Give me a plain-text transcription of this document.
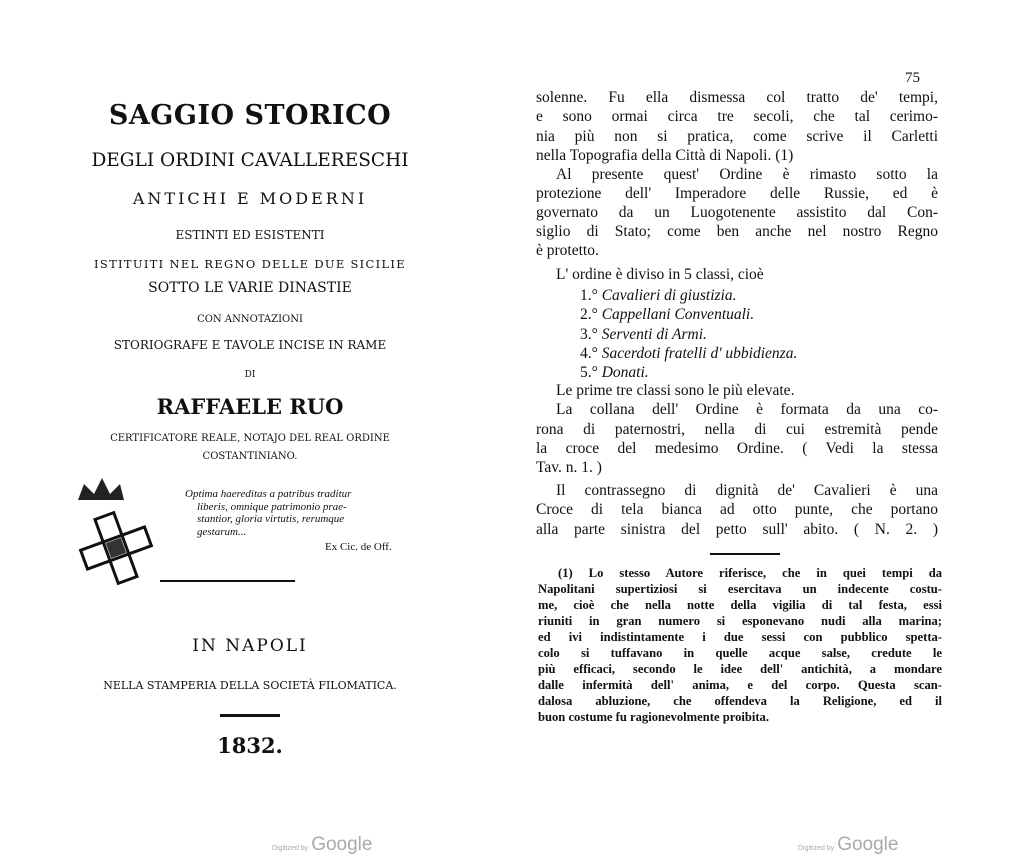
SAGGIO STORICO
DEGLI ORDINI CAVALLERESCHI
ANTICHI E MODERNI
ESTINTI ED ESISTENTI
ISTITUITI NEL REGNO DELLE DUE SICILIE
SOTTO LE VARIE DINASTIE
CON ANNOTAZIONI
STORIOGRAFE E TAVOLE INCISE IN RAME
DI
RAFFAELE RUO
CERTIFICATORE REALE, NOTAJO DEL REAL ORDINE
COSTANTINIANO.
Optima haereditas a patribus traditur
liberis, omnique patrimonio prae-
stantior, gloria virtutis, rerumque
gestarum...
Ex Cic. de Off.
IN NAPOLI
NELLA STAMPERIA DELLA SOCIETÀ FILOMATICA.
1832.
75
solenne. Fu ella dismessa col tratto de' tempi,
e sono ormai circa tre secoli, che tal cerimo-
nia più non si pratica, come scrive il Carletti
nella Topografia della Città di Napoli. (1)
Al presente quest' Ordine è rimasto sotto la
protezione dell' Imperadore delle Russie, ed è
governato da un Luogotenente assistito dal Con-
siglio di Stato; come ben anche nel nostro Regno
è protetto.
L' ordine è diviso in 5 classi, cioè
1.° Cavalieri di giustizia.
2.° Cappellani Conventuali.
3.° Serventi di Armi.
4.° Sacerdoti fratelli d' ubbidienza.
5.° Donati.
Le prime tre classi sono le più elevate.
La collana dell' Ordine è formata da una co-
rona di paternostri, nella di cui estremità pende
la croce del medesimo Ordine. ( Vedi la stessa
Tav. n. 1. )
Il contrassegno di dignità de' Cavalieri è una
Croce di tela bianca ad otto punte, che portano
alla parte sinistra del petto sull' abito. ( N. 2. )
(1) Lo stesso Autore riferisce, che in quei tempi da
Napolitani supertiziosi si esercitava un indecente costu-
me, cioè che nella notte della vigilia di tal festa, essi
riuniti in gran numero si esponevano nudi alla marina;
ed ivi indistintamente i due sessi con pubblico spetta-
colo si tuffavano in quelle acque salse, credute le
più efficaci, secondo le idee dell' antichità, a mondare
dalle infermità dell' anima, e del corpo. Questa scan-
dalosa abluzione, che offendeva la Religione, ed il
buon costume fu ragionevolmente proibita.
Digitized by Google	Digitized by Google
